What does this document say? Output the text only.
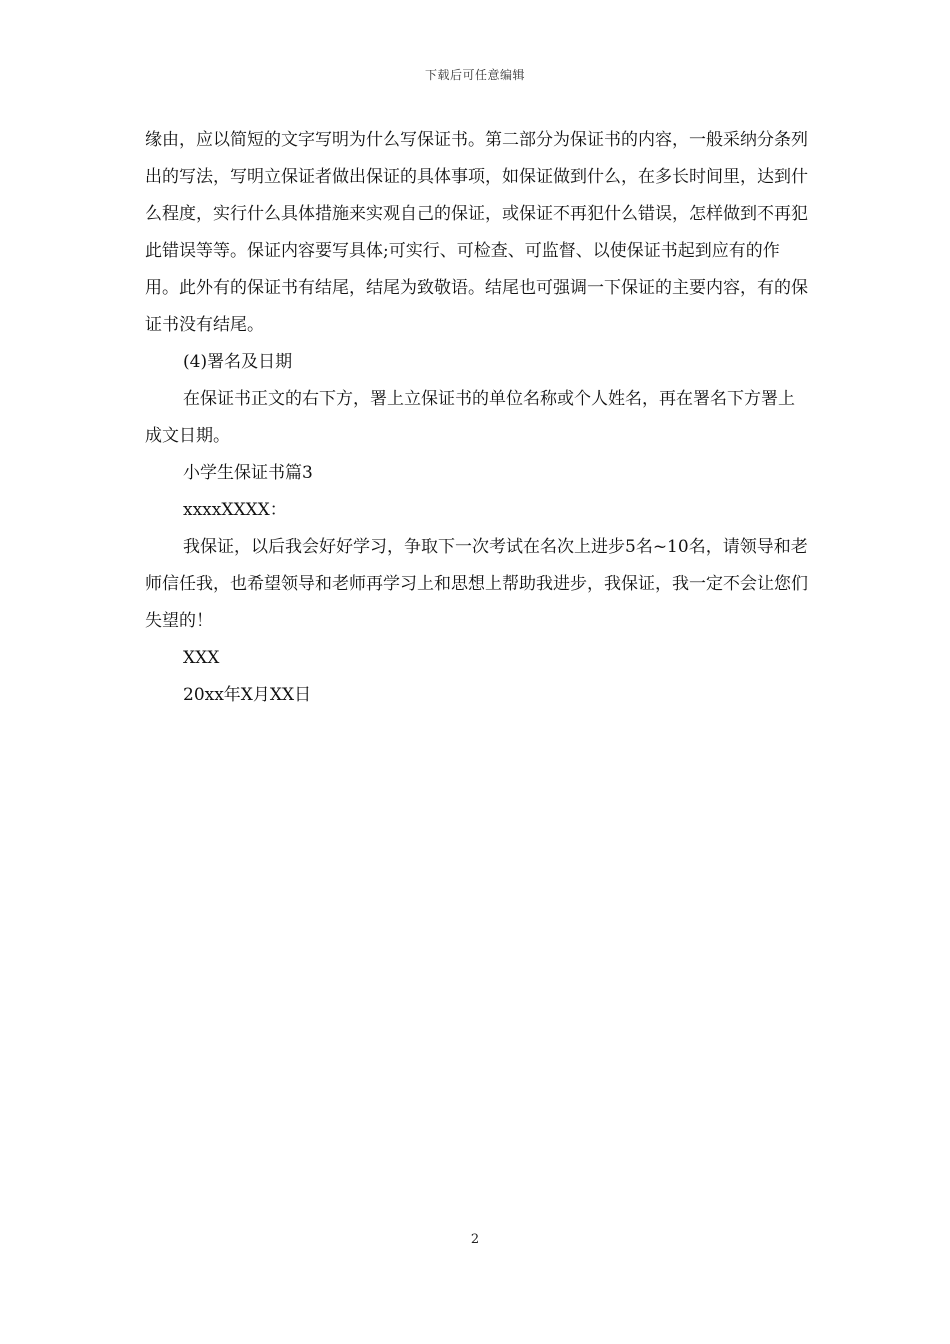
下载后可任意编辑

缘由，应以简短的文字写明为什么写保证书。第二部分为保证书的内容，一般采纳分条列出的写法，写明立保证者做出保证的具体事项，如保证做到什么，在多长时间里，达到什么程度，实行什么具体措施来实观自己的保证，或保证不再犯什么错误，怎样做到不再犯此错误等等。保证内容要写具体;可实行、可检查、可监督、以使保证书起到应有的作用。此外有的保证书有结尾，结尾为致敬语。结尾也可强调一下保证的主要内容，有的保证书没有结尾。

(4)署名及日期

在保证书正文的右下方，署上立保证书的单位名称或个人姓名，再在署名下方署上成文日期。

小学生保证书篇3

xxxxXXXX：

我保证，以后我会好好学习，争取下一次考试在名次上进步5名~10名，请领导和老师信任我，也希望领导和老师再学习上和思想上帮助我进步，我保证，我一定不会让您们失望的！

XXX

20xx年X月XX日

2
